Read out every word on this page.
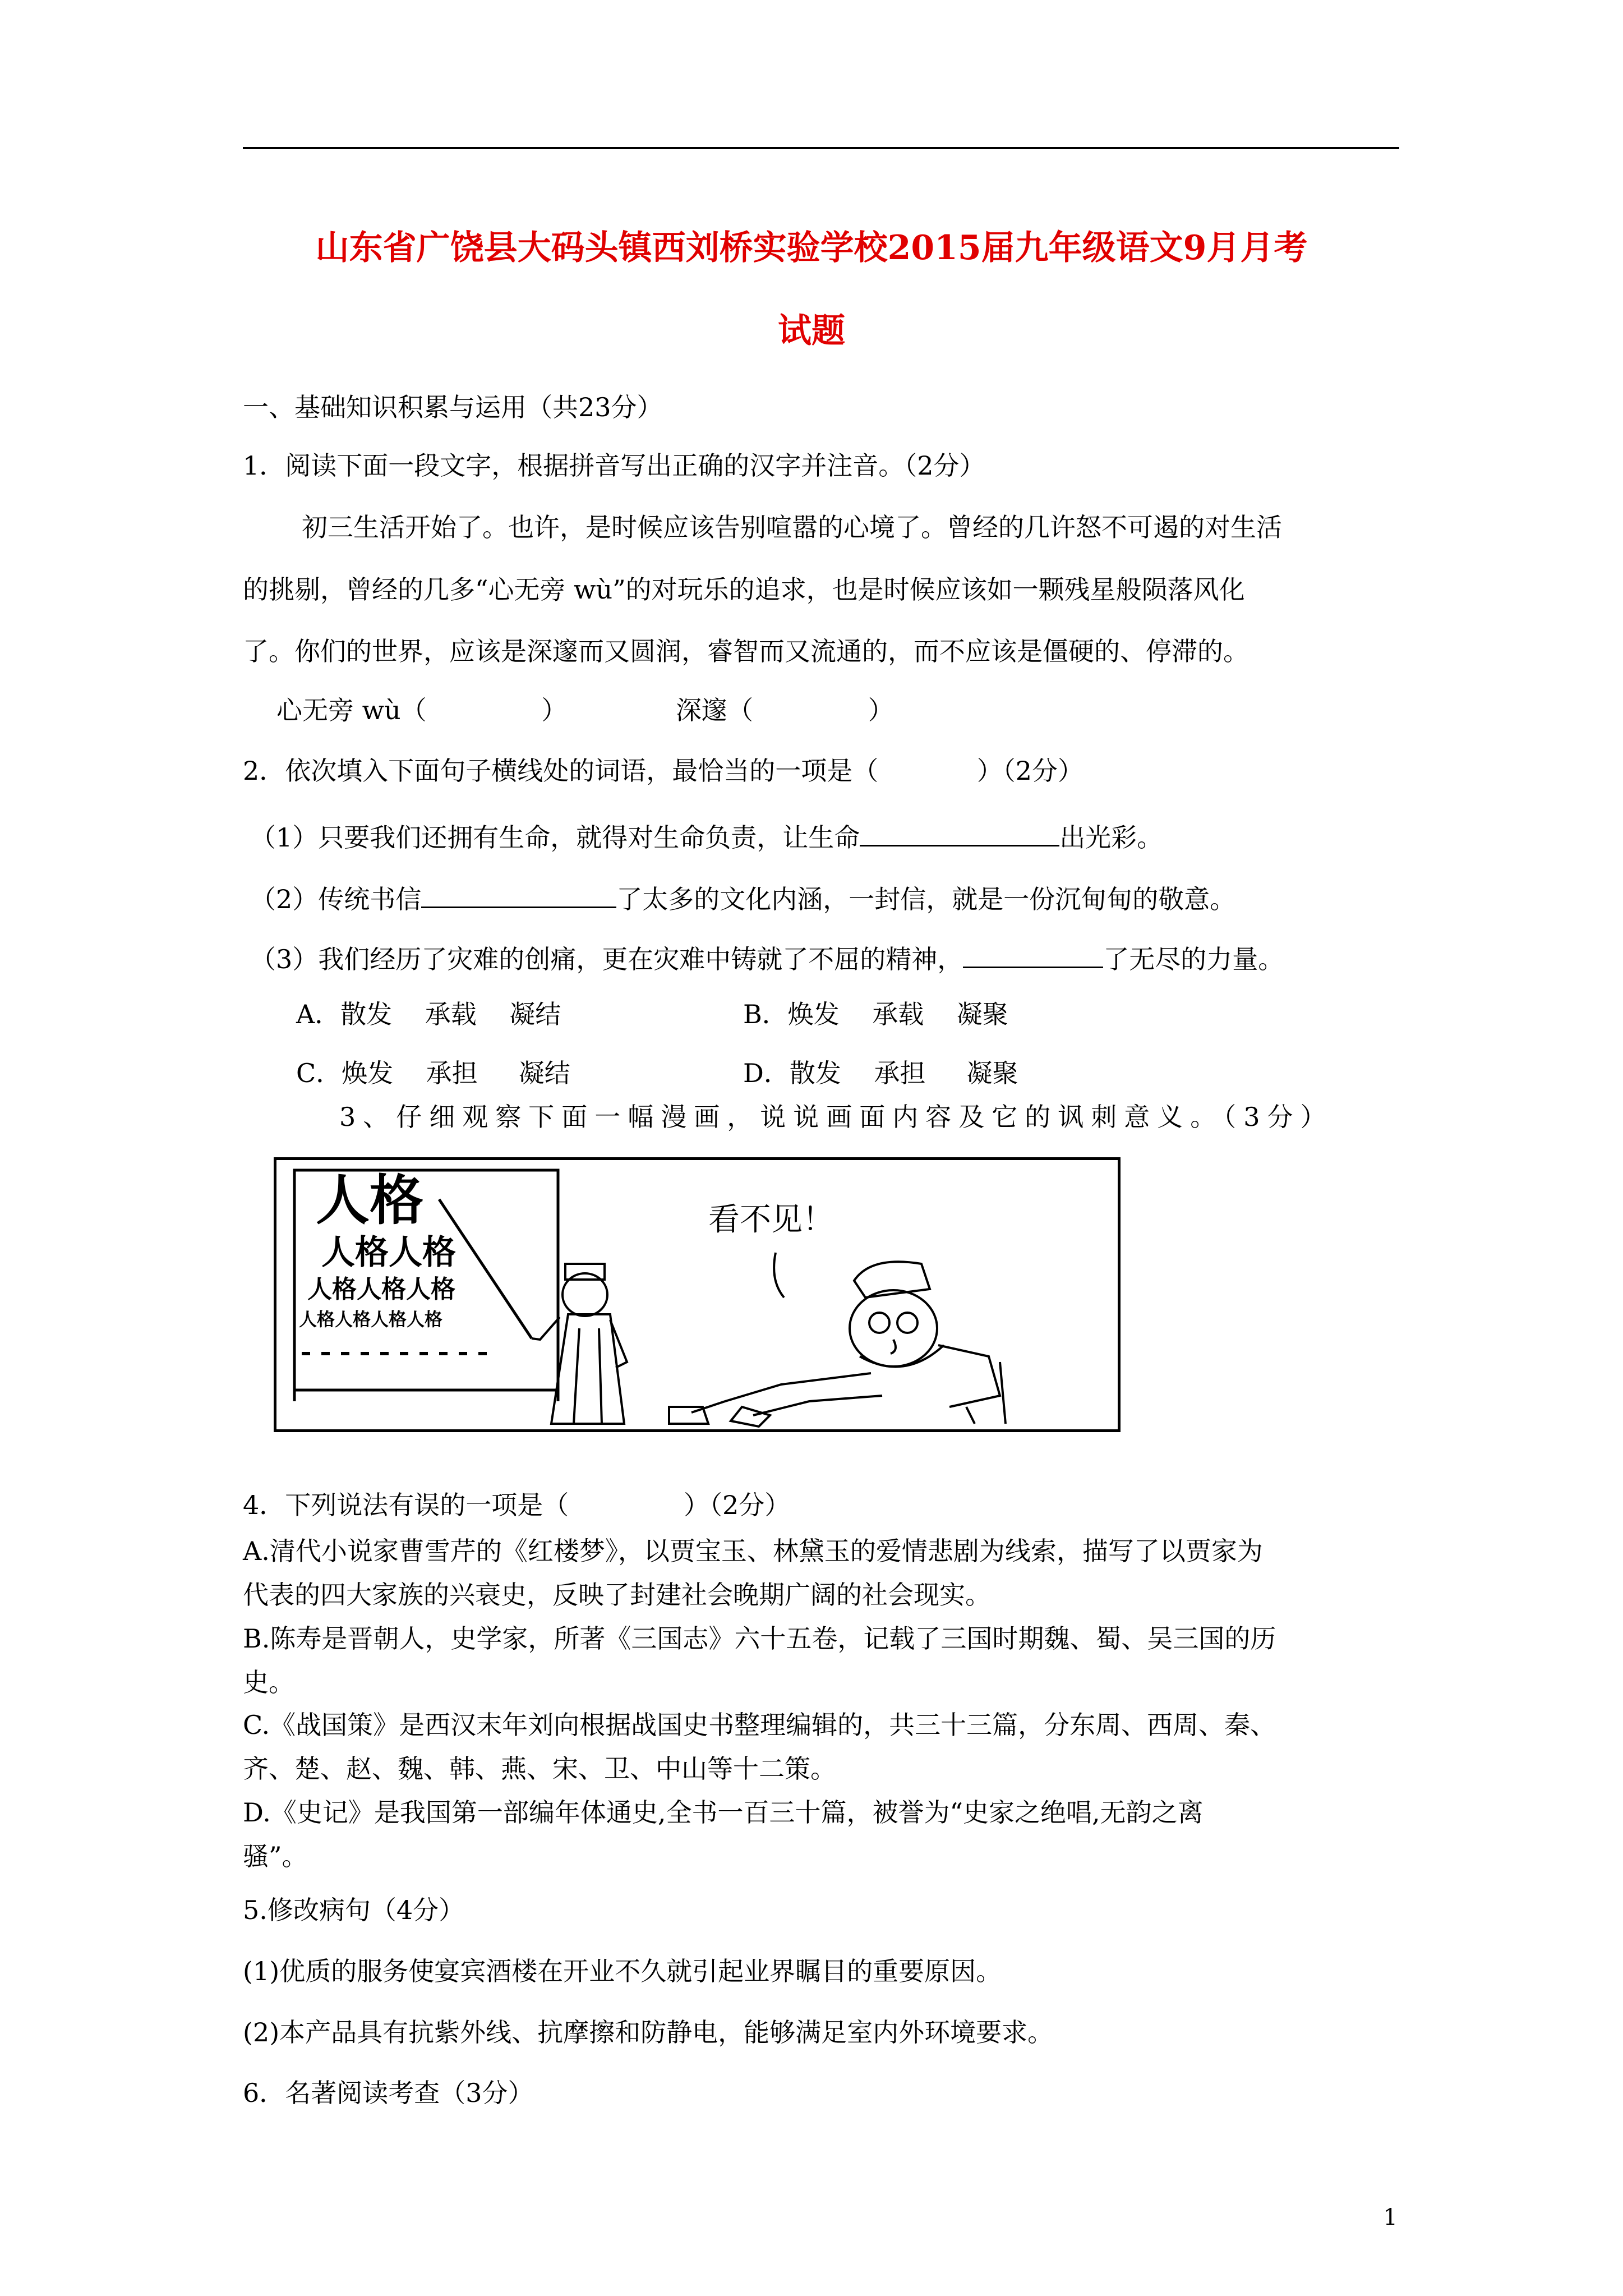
山东省广饶县大码头镇西刘桥实验学校2015届九年级语文9月月考
试题
一、基础知识积累与运用（共23分）
1．阅读下面一段文字，根据拼音写出正确的汉字并注音。（2分）
初三生活开始了。也许，是时候应该告别喧嚣的心境了。曾经的几许怒不可遏的对生活
的挑剔，曾经的几多“心无旁 wù”的对玩乐的追求，也是时候应该如一颗残星般陨落风化
了。你们的世界，应该是深邃而又圆润，睿智而又流通的，而不应该是僵硬的、停滞的。
心无旁 wù（              ）	深邃（              ）
2．依次填入下面句子横线处的词语，最恰当的一项是（            ）（2分）
（1）只要我们还拥有生命，就得对生命负责，让生命	出光彩。
（2）传统书信	了太多的文化内涵，一封信，就是一份沉甸甸的敬意。
（3）我们经历了灾难的创痛，更在灾难中铸就了不屈的精神，	了无尽的力量。
A．散发    承载    凝结	B．焕发    承载    凝聚
C．焕发    承担     凝结	D．散发    承担     凝聚
3、仔细观察下面一幅漫画，说说画面内容及它的讽刺意义。（3分）
人格
人格人格
人格人格人格
人格人格人格人格
看不见！
4．下列说法有误的一项是（              ）（2分）
A.清代小说家曹雪芹的《红楼梦》，以贾宝玉、林黛玉的爱情悲剧为线索，描写了以贾家为
代表的四大家族的兴衰史，反映了封建社会晚期广阔的社会现实。
B.陈寿是晋朝人，史学家，所著《三国志》六十五卷，记载了三国时期魏、蜀、吴三国的历
史。
C.《战国策》是西汉末年刘向根据战国史书整理编辑的，共三十三篇，分东周、西周、秦、
齐、楚、赵、魏、韩、燕、宋、卫、中山等十二策。
D.《史记》是我国第一部编年体通史,全书一百三十篇，被誉为“史家之绝唱,无韵之离
骚”。
5.修改病句（4分）
(1)优质的服务使宴宾酒楼在开业不久就引起业界瞩目的重要原因。
(2)本产品具有抗紫外线、抗摩擦和防静电，能够满足室内外环境要求。
6．名著阅读考查（3分）
1
